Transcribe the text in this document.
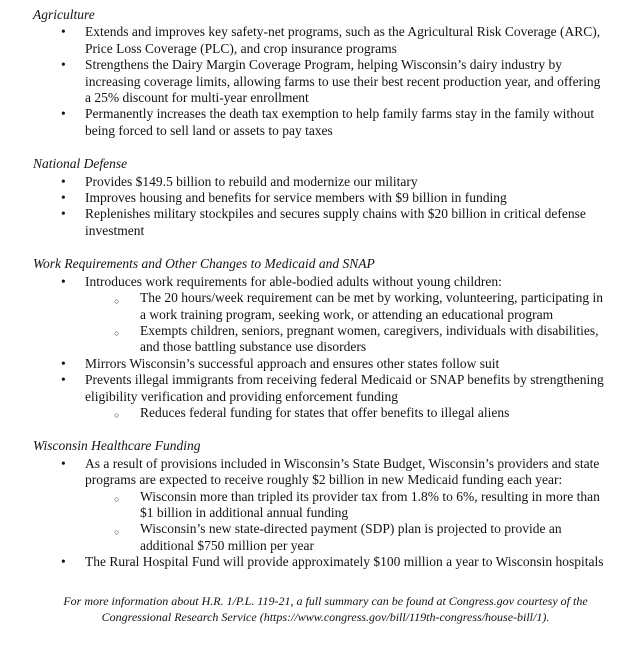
Agriculture
• Extends and improves key safety-net programs, such as the Agricultural Risk Coverage (ARC), Price Loss Coverage (PLC), and crop insurance programs
• Strengthens the Dairy Margin Coverage Program, helping Wisconsin’s dairy industry by increasing coverage limits, allowing farms to use their best recent production year, and offering a 25% discount for multi-year enrollment
• Permanently increases the death tax exemption to help family farms stay in the family without being forced to sell land or assets to pay taxes
National Defense
• Provides $149.5 billion to rebuild and modernize our military
• Improves housing and benefits for service members with $9 billion in funding
• Replenishes military stockpiles and secures supply chains with $20 billion in critical defense investment
Work Requirements and Other Changes to Medicaid and SNAP
• Introduces work requirements for able-bodied adults without young children:
○ The 20 hours/week requirement can be met by working, volunteering, participating in a work training program, seeking work, or attending an educational program
○ Exempts children, seniors, pregnant women, caregivers, individuals with disabilities, and those battling substance use disorders
• Mirrors Wisconsin’s successful approach and ensures other states follow suit
• Prevents illegal immigrants from receiving federal Medicaid or SNAP benefits by strengthening eligibility verification and providing enforcement funding
○ Reduces federal funding for states that offer benefits to illegal aliens
Wisconsin Healthcare Funding
• As a result of provisions included in Wisconsin’s State Budget, Wisconsin’s providers and state programs are expected to receive roughly $2 billion in new Medicaid funding each year:
○ Wisconsin more than tripled its provider tax from 1.8% to 6%, resulting in more than $1 billion in additional annual funding
○ Wisconsin’s new state-directed payment (SDP) plan is projected to provide an additional $750 million per year
• The Rural Hospital Fund will provide approximately $100 million a year to Wisconsin hospitals

For more information about H.R. 1/P.L. 119-21, a full summary can be found at Congress.gov courtesy of the Congressional Research Service (https://www.congress.gov/bill/119th-congress/house-bill/1).
